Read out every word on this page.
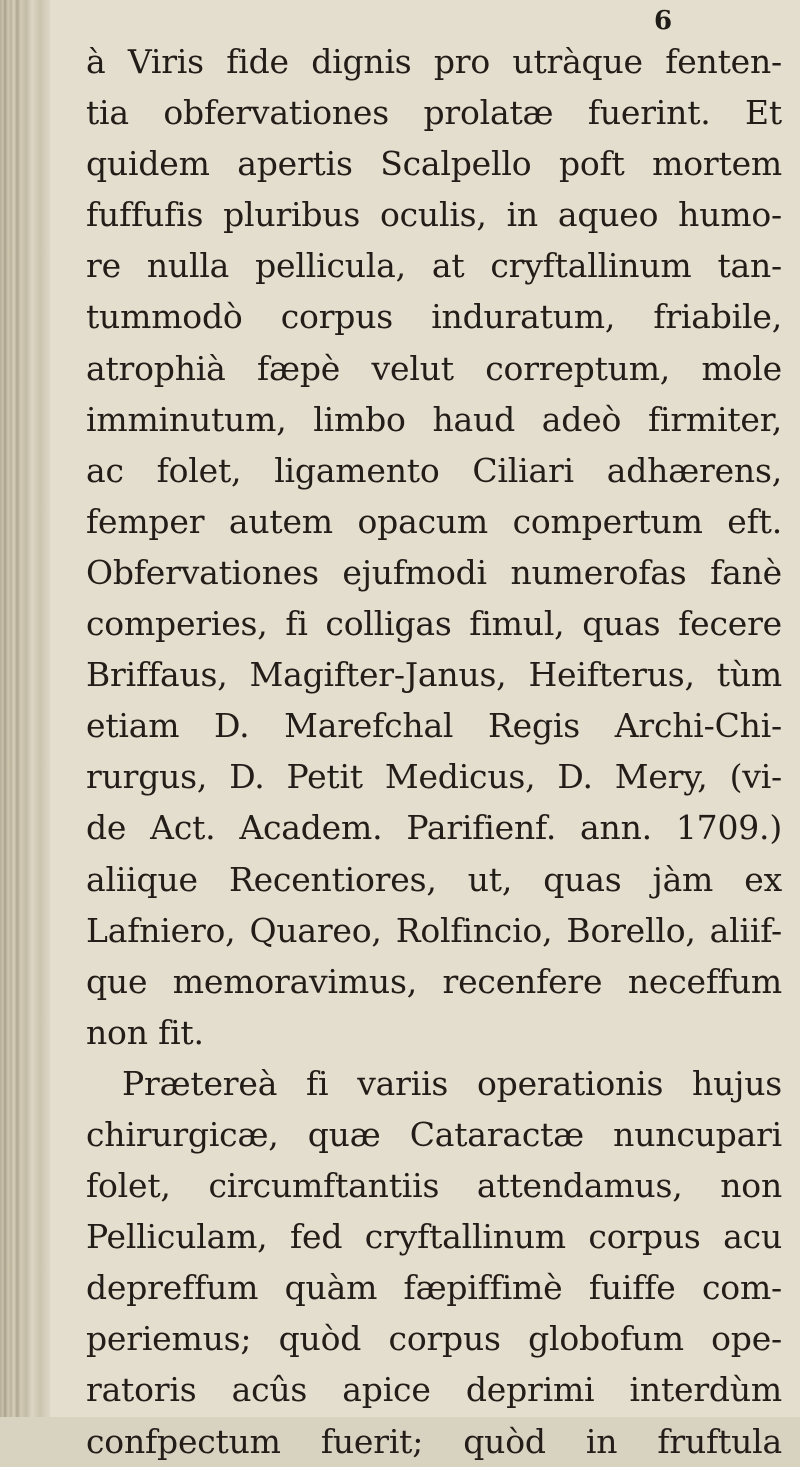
6
à Viris fide dignis pro utràque fenten-
tia obfervationes prolatæ fuerint. Et
quidem apertis Scalpello poft mortem
fuffufis pluribus oculis, in aqueo humo-
re nulla pellicula, at cryftallinum tan-
tummodò corpus induratum, friabile,
atrophià fæpè velut correptum, mole
imminutum, limbo haud adeò firmiter,
ac folet, ligamento Ciliari adhærens,
femper autem opacum compertum eft.
Obfervationes ejufmodi numerofas fanè
comperies, fi colligas fimul, quas fecere
Briffaus, Magifter-Janus, Heifterus, tùm
etiam D. Marefchal Regis Archi-Chi-
rurgus, D. Petit Medicus, D. Mery, (vi-
de Act. Academ. Parifienf. ann. 1709.)
aliique Recentiores, ut, quas jàm ex
Lafniero, Quareo, Rolfincio, Borello, aliif-
que memoravimus, recenfere neceffum
non fit.
Prætereà fi variis operationis hujus
chirurgicæ, quæ Cataractæ nuncupari
folet, circumftantiis attendamus, non
Pelliculam, fed cryftallinum corpus acu
depreffum quàm fæpiffimè fuiffe com-
periemus; quòd corpus globofum ope-
ratoris acûs apice deprimi interdùm
confpectum fuerit; quòd in fruftula
